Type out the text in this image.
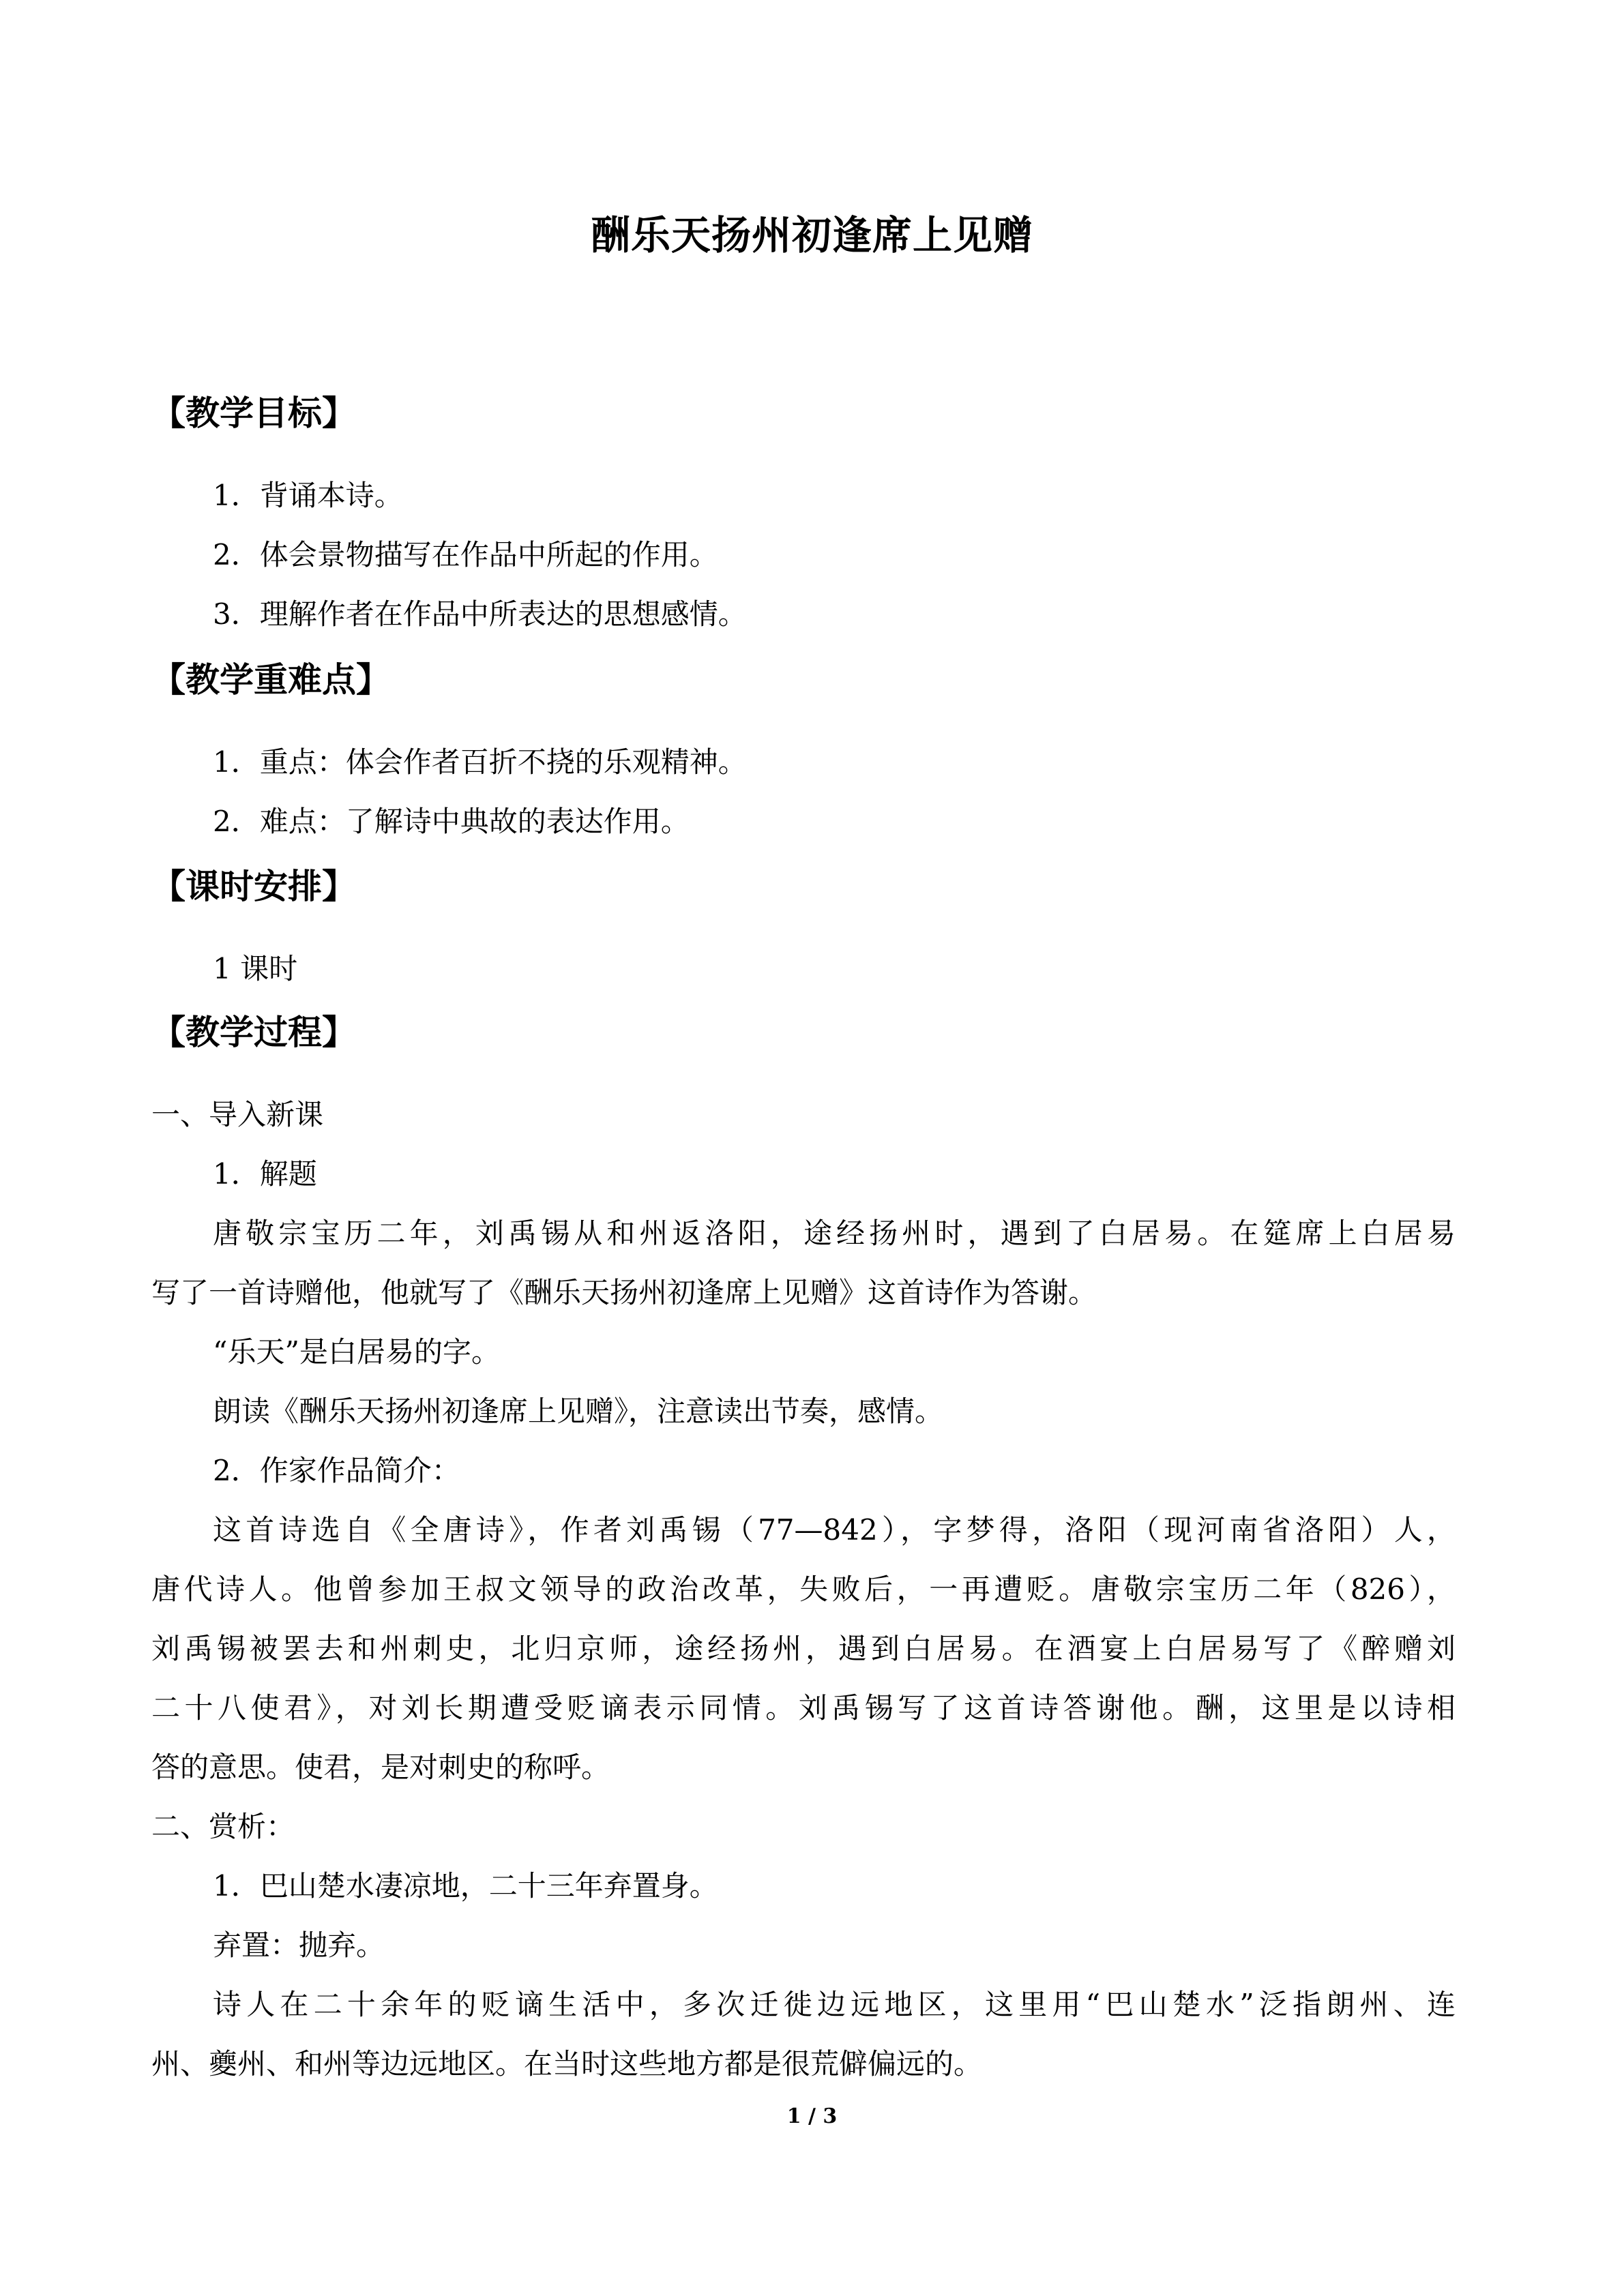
酬乐天扬州初逢席上见赠
【教学目标】
1．背诵本诗。
2．体会景物描写在作品中所起的作用。
3．理解作者在作品中所表达的思想感情。
【教学重难点】
1．重点：体会作者百折不挠的乐观精神。
2．难点：了解诗中典故的表达作用。
【课时安排】
1 课时
【教学过程】
一、导入新课
1．解题
唐敬宗宝历二年，刘禹锡从和州返洛阳，途经扬州时，遇到了白居易。在筵席上白居易
写了一首诗赠他，他就写了《酬乐天扬州初逢席上见赠》这首诗作为答谢。
“乐天”是白居易的字。
朗读《酬乐天扬州初逢席上见赠》，注意读出节奏，感情。
2．作家作品简介：
这首诗选自《全唐诗》，作者刘禹锡（77—842），字梦得，洛阳（现河南省洛阳）人，
唐代诗人。他曾参加王叔文领导的政治改革，失败后，一再遭贬。唐敬宗宝历二年（826），
刘禹锡被罢去和州刺史，北归京师，途经扬州，遇到白居易。在酒宴上白居易写了《醉赠刘
二十八使君》，对刘长期遭受贬谪表示同情。刘禹锡写了这首诗答谢他。酬，这里是以诗相
答的意思。使君，是对刺史的称呼。
二、赏析：
1．巴山楚水凄凉地，二十三年弃置身。
弃置：抛弃。
诗人在二十余年的贬谪生活中，多次迁徙边远地区，这里用“巴山楚水”泛指朗州、连
州、夔州、和州等边远地区。在当时这些地方都是很荒僻偏远的。
1 / 3
